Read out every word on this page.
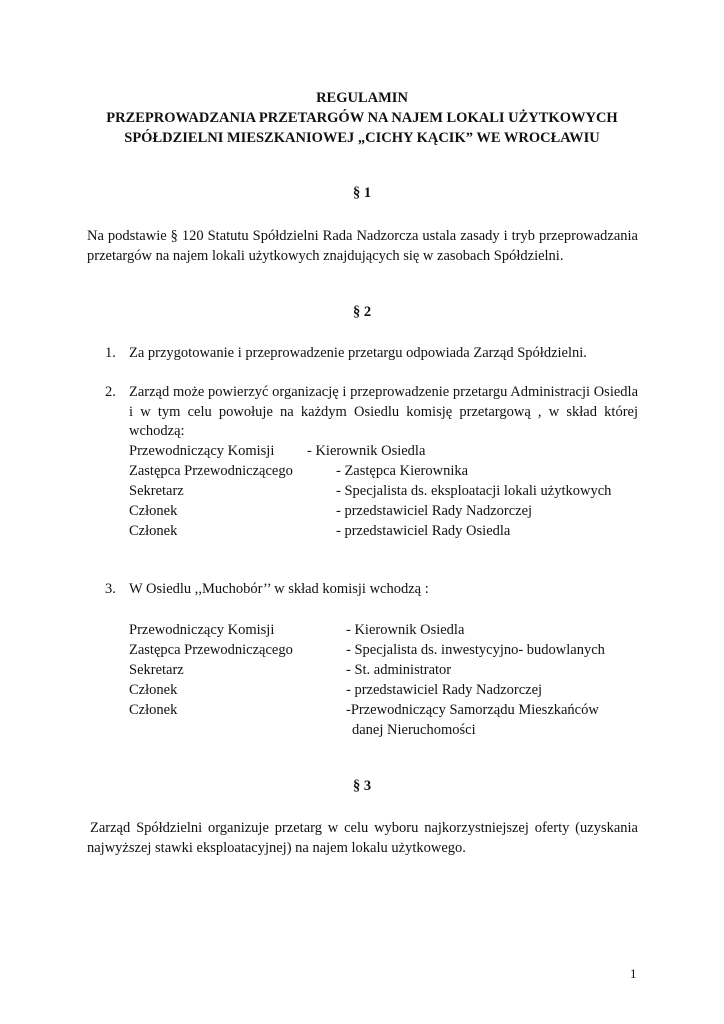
REGULAMIN
PRZEPROWADZANIA PRZETARGÓW NA NAJEM LOKALI UŻYTKOWYCH
SPÓŁDZIELNI MIESZKANIOWEJ „CICHY KĄCIK” WE WROCŁAWIU
§ 1
Na podstawie § 120 Statutu Spółdzielni Rada Nadzorcza ustala zasady i tryb przeprowadzania przetargów na najem lokali użytkowych znajdujących się w zasobach Spółdzielni.
§ 2
1. Za przygotowanie i przeprowadzenie przetargu odpowiada Zarząd Spółdzielni.
2. Zarząd może powierzyć organizację i przeprowadzenie przetargu Administracji Osiedla i w tym celu powołuje na każdym Osiedlu komisję przetargową , w skład której wchodzą:
Przewodniczący Komisji - Kierownik Osiedla
Zastępca Przewodniczącego	- Zastępca Kierownika
Sekretarz	- Specjalista ds. eksploatacji lokali użytkowych
Członek	- przedstawiciel Rady Nadzorczej
Członek	- przedstawiciel Rady Osiedla
3. W Osiedlu ,,Muchobór’’ w skład komisji wchodzą :
Przewodniczący Komisji	- Kierownik Osiedla
Zastępca Przewodniczącego	- Specjalista ds. inwestycyjno- budowlanych
Sekretarz	- St. administrator
Członek	- przedstawiciel Rady Nadzorczej
Członek	-Przewodniczący Samorządu Mieszkańców
danej Nieruchomości
§ 3
Zarząd Spółdzielni organizuje przetarg w celu wyboru najkorzystniejszej oferty (uzyskania najwyższej stawki eksploatacyjnej) na najem lokalu użytkowego.
1
